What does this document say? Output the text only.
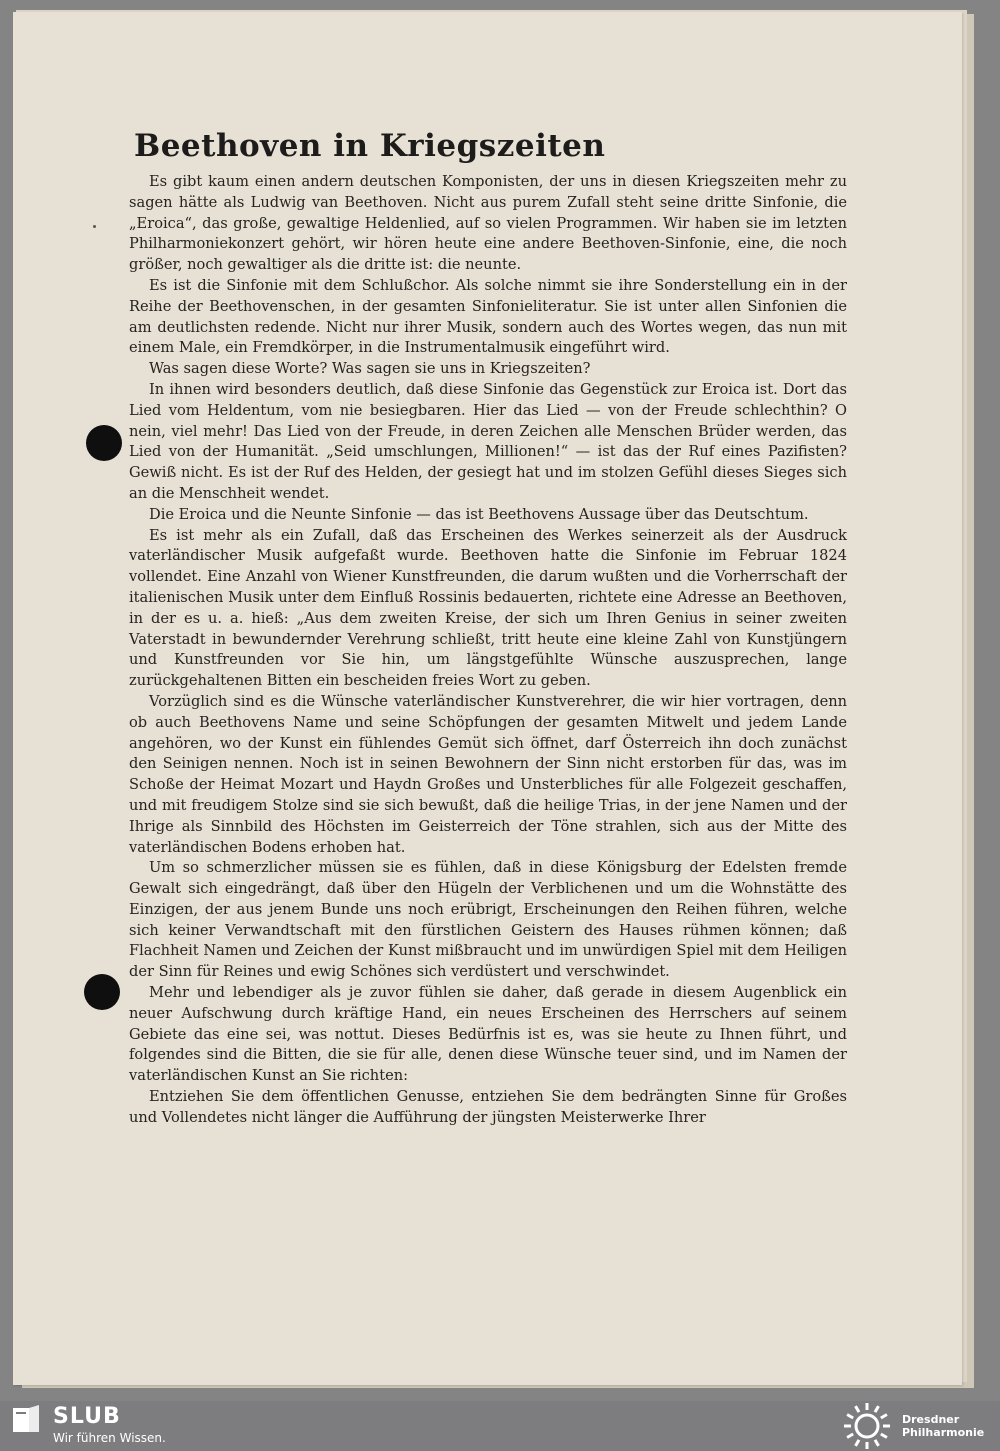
Beethoven in Kriegszeiten

Es gibt kaum einen andern deutschen Komponisten, der uns in diesen Kriegszeiten mehr zu sagen hätte als Ludwig van Beethoven. Nicht aus purem Zufall steht seine dritte Sinfonie, die „Eroica“, das große, gewaltige Heldenlied, auf so vielen Programmen. Wir haben sie im letzten Philharmoniekonzert gehört, wir hören heute eine andere Beethoven-Sinfonie, eine, die noch größer, noch gewaltiger als die dritte ist: die neunte.

Es ist die Sinfonie mit dem Schlußchor. Als solche nimmt sie ihre Sonderstellung ein in der Reihe der Beethovenschen, in der gesamten Sinfonieliteratur. Sie ist unter allen Sinfonien die am deutlichsten redende. Nicht nur ihrer Musik, sondern auch des Wortes wegen, das nun mit einem Male, ein Fremdkörper, in die Instrumentalmusik eingeführt wird.

Was sagen diese Worte? Was sagen sie uns in Kriegszeiten?

In ihnen wird besonders deutlich, daß diese Sinfonie das Gegenstück zur Eroica ist. Dort das Lied vom Heldentum, vom nie besiegbaren. Hier das Lied — von der Freude schlechthin? O nein, viel mehr! Das Lied von der Freude, in deren Zeichen alle Menschen Brüder werden, das Lied von der Humanität. „Seid umschlungen, Millionen!“ — ist das der Ruf eines Pazifisten? Gewiß nicht. Es ist der Ruf des Helden, der gesiegt hat und im stolzen Gefühl dieses Sieges sich an die Menschheit wendet.

Die Eroica und die Neunte Sinfonie — das ist Beethovens Aussage über das Deutschtum.

Es ist mehr als ein Zufall, daß das Erscheinen des Werkes seinerzeit als der Ausdruck vaterländischer Musik aufgefaßt wurde. Beethoven hatte die Sinfonie im Februar 1824 vollendet. Eine Anzahl von Wiener Kunstfreunden, die darum wußten und die Vorherrschaft der italienischen Musik unter dem Einfluß Rossinis bedauerten, richtete eine Adresse an Beethoven, in der es u. a. hieß: „Aus dem zweiten Kreise, der sich um Ihren Genius in seiner zweiten Vaterstadt in bewundernder Verehrung schließt, tritt heute eine kleine Zahl von Kunstjüngern und Kunstfreunden vor Sie hin, um längstgefühlte Wünsche auszusprechen, lange zurückgehaltenen Bitten ein bescheiden freies Wort zu geben.

Vorzüglich sind es die Wünsche vaterländischer Kunstverehrer, die wir hier vortragen, denn ob auch Beethovens Name und seine Schöpfungen der gesamten Mitwelt und jedem Lande angehören, wo der Kunst ein fühlendes Gemüt sich öffnet, darf Österreich ihn doch zunächst den Seinigen nennen. Noch ist in seinen Bewohnern der Sinn nicht erstorben für das, was im Schoße der Heimat Mozart und Haydn Großes und Unsterbliches für alle Folgezeit geschaffen, und mit freudigem Stolze sind sie sich bewußt, daß die heilige Trias, in der jene Namen und der Ihrige als Sinnbild des Höchsten im Geisterreich der Töne strahlen, sich aus der Mitte des vaterländischen Bodens erhoben hat.

Um so schmerzlicher müssen sie es fühlen, daß in diese Königsburg der Edelsten fremde Gewalt sich eingedrängt, daß über den Hügeln der Verblichenen und um die Wohnstätte des Einzigen, der aus jenem Bunde uns noch erübrigt, Erscheinungen den Reihen führen, welche sich keiner Verwandtschaft mit den fürstlichen Geistern des Hauses rühmen können; daß Flachheit Namen und Zeichen der Kunst mißbraucht und im unwürdigen Spiel mit dem Heiligen der Sinn für Reines und ewig Schönes sich verdüstert und verschwindet.

Mehr und lebendiger als je zuvor fühlen sie daher, daß gerade in diesem Augenblick ein neuer Aufschwung durch kräftige Hand, ein neues Erscheinen des Herrschers auf seinem Gebiete das eine sei, was nottut. Dieses Bedürfnis ist es, was sie heute zu Ihnen führt, und folgendes sind die Bitten, die sie für alle, denen diese Wünsche teuer sind, und im Namen der vaterländischen Kunst an Sie richten:

Entziehen Sie dem öffentlichen Genusse, entziehen Sie dem bedrängten Sinne für Großes und Vollendetes nicht länger die Aufführung der jüngsten Meisterwerke Ihrer

SLUB
Wir führen Wissen.
Dresdner
Philharmonie
